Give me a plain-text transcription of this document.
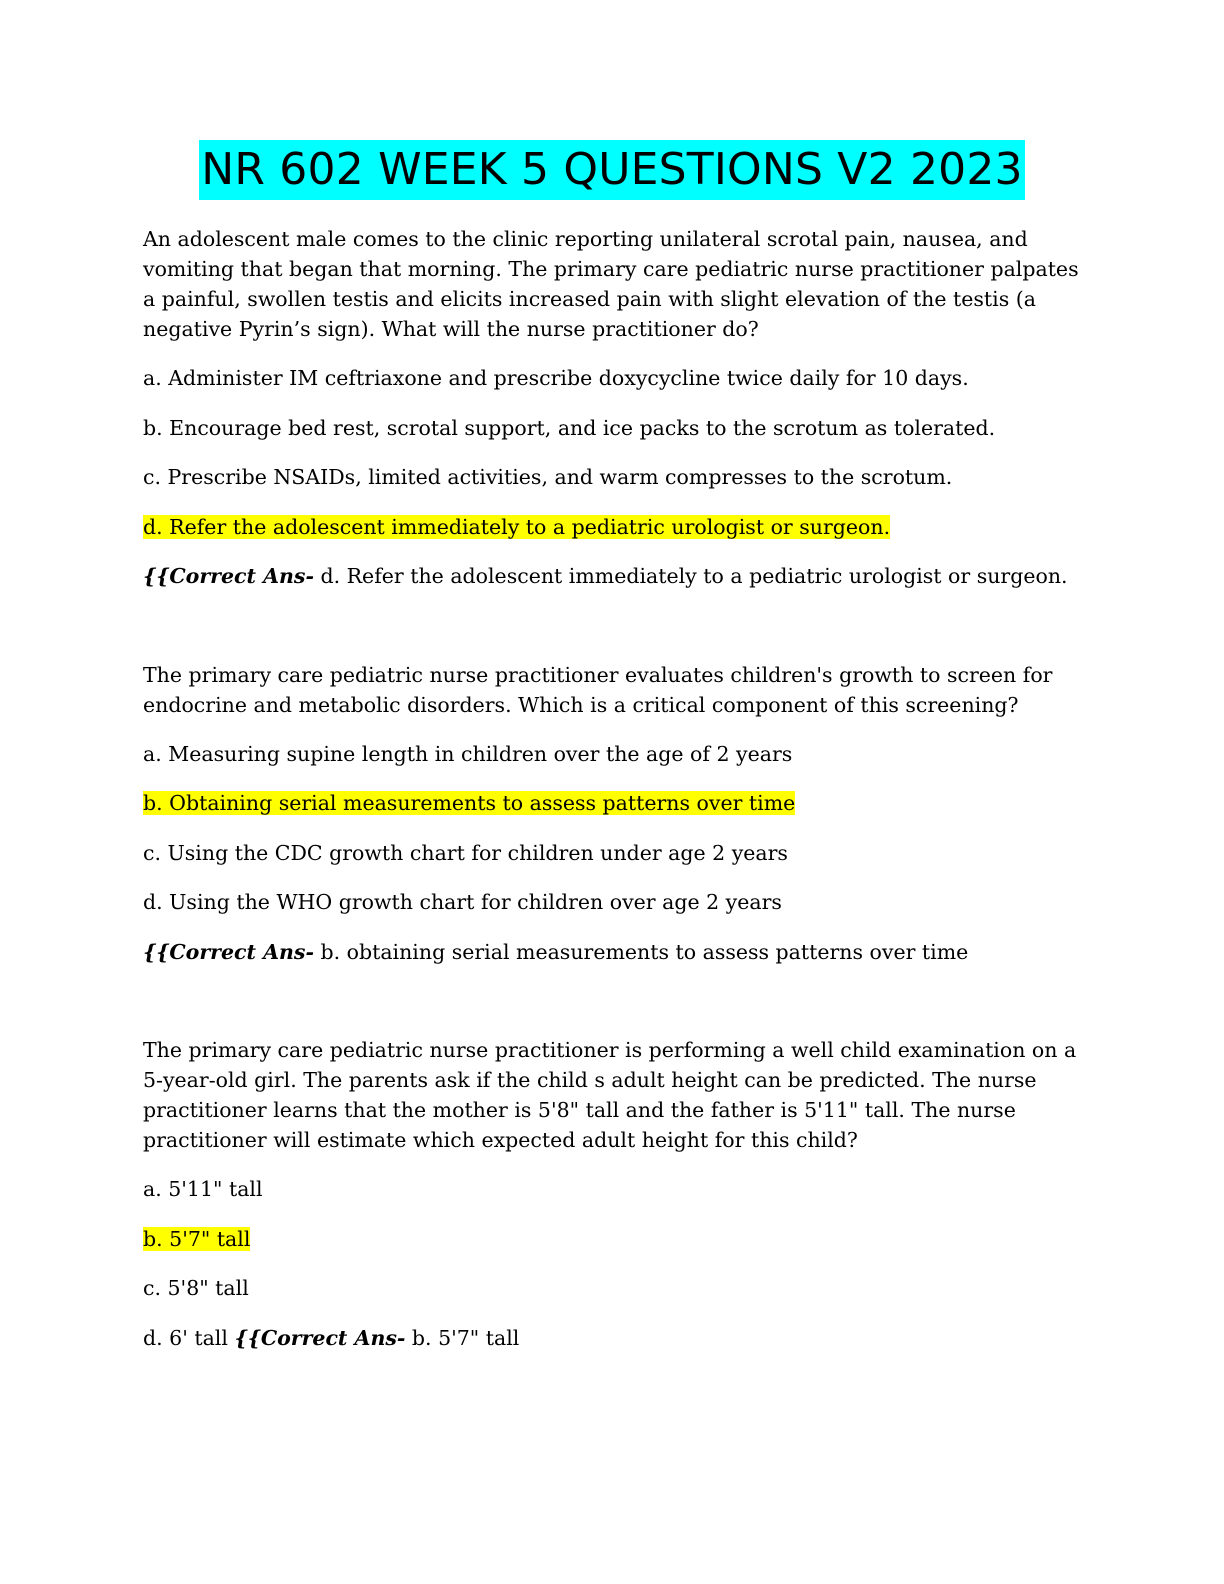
NR 602 WEEK 5 QUESTIONS V2 2023

An adolescent male comes to the clinic reporting unilateral scrotal pain, nausea, and vomiting that began that morning. The primary care pediatric nurse practitioner palpates a painful, swollen testis and elicits increased pain with slight elevation of the testis (a negative Pyrin’s sign). What will the nurse practitioner do?

a. Administer IM ceftriaxone and prescribe doxycycline twice daily for 10 days.

b. Encourage bed rest, scrotal support, and ice packs to the scrotum as tolerated.

c. Prescribe NSAIDs, limited activities, and warm compresses to the scrotum.

d. Refer the adolescent immediately to a pediatric urologist or surgeon.

{{Correct Ans- d. Refer the adolescent immediately to a pediatric urologist or surgeon.

The primary care pediatric nurse practitioner evaluates children's growth to screen for endocrine and metabolic disorders. Which is a critical component of this screening?

a. Measuring supine length in children over the age of 2 years

b. Obtaining serial measurements to assess patterns over time

c. Using the CDC growth chart for children under age 2 years

d. Using the WHO growth chart for children over age 2 years

{{Correct Ans- b. obtaining serial measurements to assess patterns over time

The primary care pediatric nurse practitioner is performing a well child examination on a 5-year-old girl. The parents ask if the child s adult height can be predicted. The nurse practitioner learns that the mother is 5'8" tall and the father is 5'11" tall. The nurse practitioner will estimate which expected adult height for this child?

a. 5'11" tall

b. 5'7" tall

c. 5'8" tall

d. 6' tall {{Correct Ans- b. 5'7" tall
